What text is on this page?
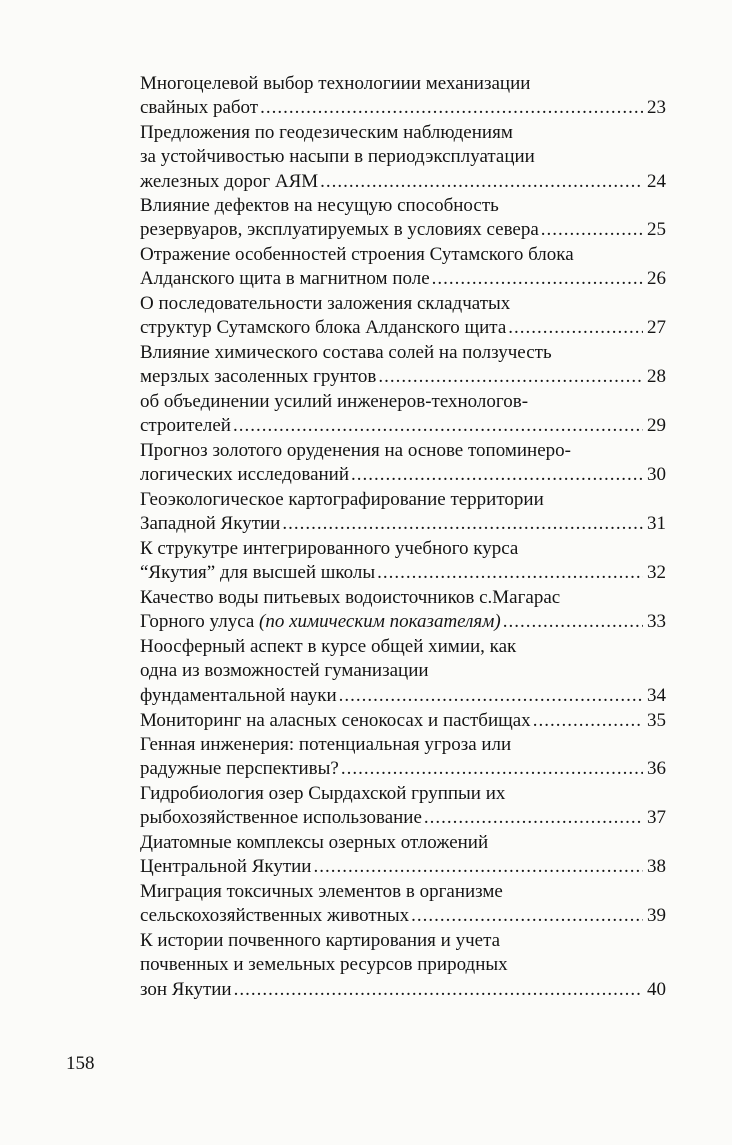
Многоцелевой выбор технологиии механизации
свайных работ .....	23
Предложения по геодезическим наблюдениям
за устойчивостью насыпи в периодэксплуатации
железных дорог АЯМ .....	24
Влияние дефектов на несущую способность
резервуаров, эксплуатируемых в условиях севера .....	25
Отражение особенностей строения Сутамского блока
Алданского щита в магнитном поле .....	26
О последовательности заложения складчатых
структур Сутамского блока Алданского щита .....	27
Влияние химического состава солей на ползучесть
мерзлых засоленных грунтов .....	28
об объединении усилий инженеров-технологов-
строителей .....	29
Прогноз золотого оруденения на основе топоминеро-
логических исследований .....	30
Геоэкологическое картографирование территории
Западной Якутии .....	31
К струкутре интегрированного учебного курса
“Якутия” для высшей школы .....	32
Качество воды питьевых водоисточников с.Магарас
Горного улуса (по химическим показателям) .....	33
Ноосферный аспект в курсе общей химии, как
одна из возможностей гуманизации
фундаментальной науки .....	34
Мониторинг на аласных сенокосах и пастбищах .....	35
Генная инженерия: потенциальная угроза или
радужные перспективы? .....	36
Гидробиология озер Сырдахской группыи их
рыбохозяйственное использование .....	37
Диатомные комплексы озерных отложений
Центральной Якутии .....	38
Миграция токсичных элементов в организме
сельскохозяйственных животных .....	39
К истории почвенного картирования и учета
почвенных и земельных ресурсов природных
зон Якутии .....	40
158
